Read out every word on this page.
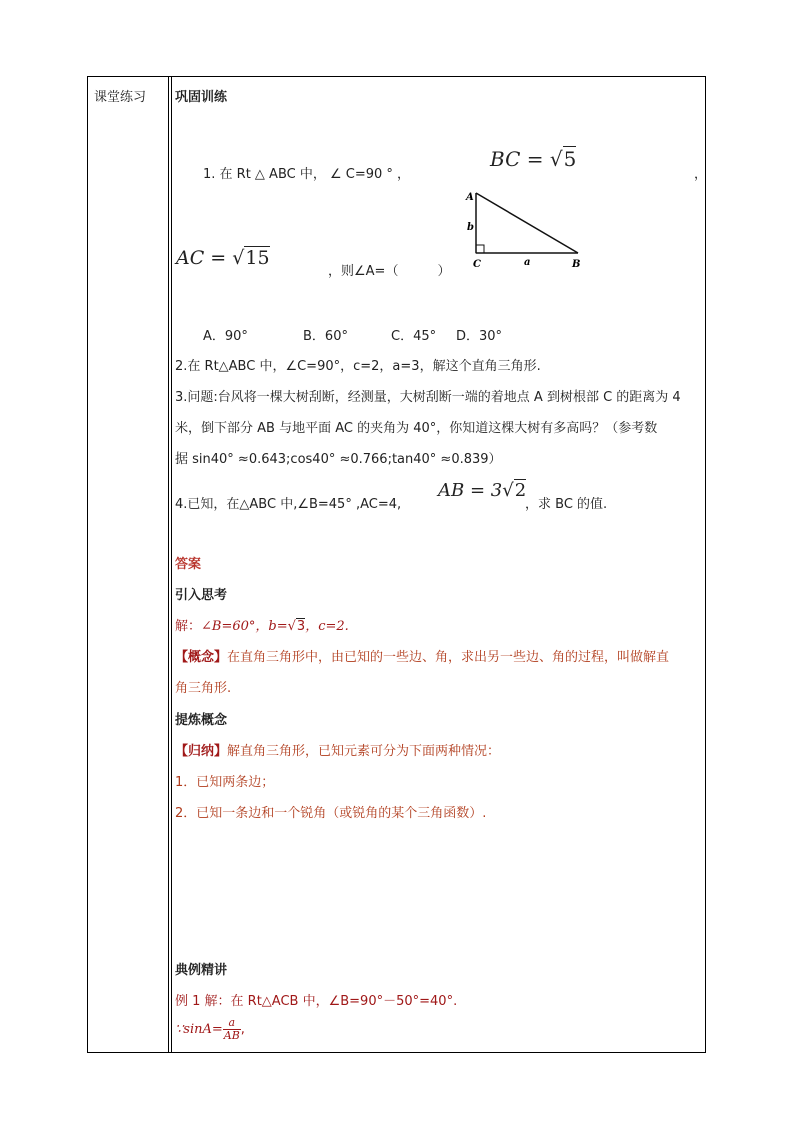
课堂练习 巩固训练
1. 在 Rt △ ABC 中， ∠ C=90 ° ，
BC = √5
，
A
b
C	a	B
AC = √15
，则∠A=（　　　）
A．90°	B．60°	C．45° D．30°
2.在 Rt△ABC 中，∠C=90°，c=2，a=3，解这个直角三角形.
3.问题:台风将一棵大树刮断，经测量，大树刮断一端的着地点 A 到树根部 C 的距离为 4
米，倒下部分 AB 与地平面 AC 的夹角为 40°，你知道这棵大树有多高吗？（参考数
据 sin40° ≈0.643;cos40° ≈0.766;tan40° ≈0.839）
4.已知，在△ABC 中,∠B=45° ,AC=4,
AB = 3√2
，求 BC 的值.
答案
引入思考
解：∠B=60°，b=√3，c=2.
【概念】在直角三角形中，由已知的一些边、角，求出另一些边、角的过程，叫做解直
角三角形.
提炼概念
【归纳】解直角三角形，已知元素可分为下面两种情况：
1．已知两条边；
2．已知一条边和一个锐角（或锐角的某个三角函数）.
典例精讲
例 1 解：在 Rt△ACB 中，∠B=90°－50°=40°.
∵sinA= $\frac{a}{AB}$ ,
